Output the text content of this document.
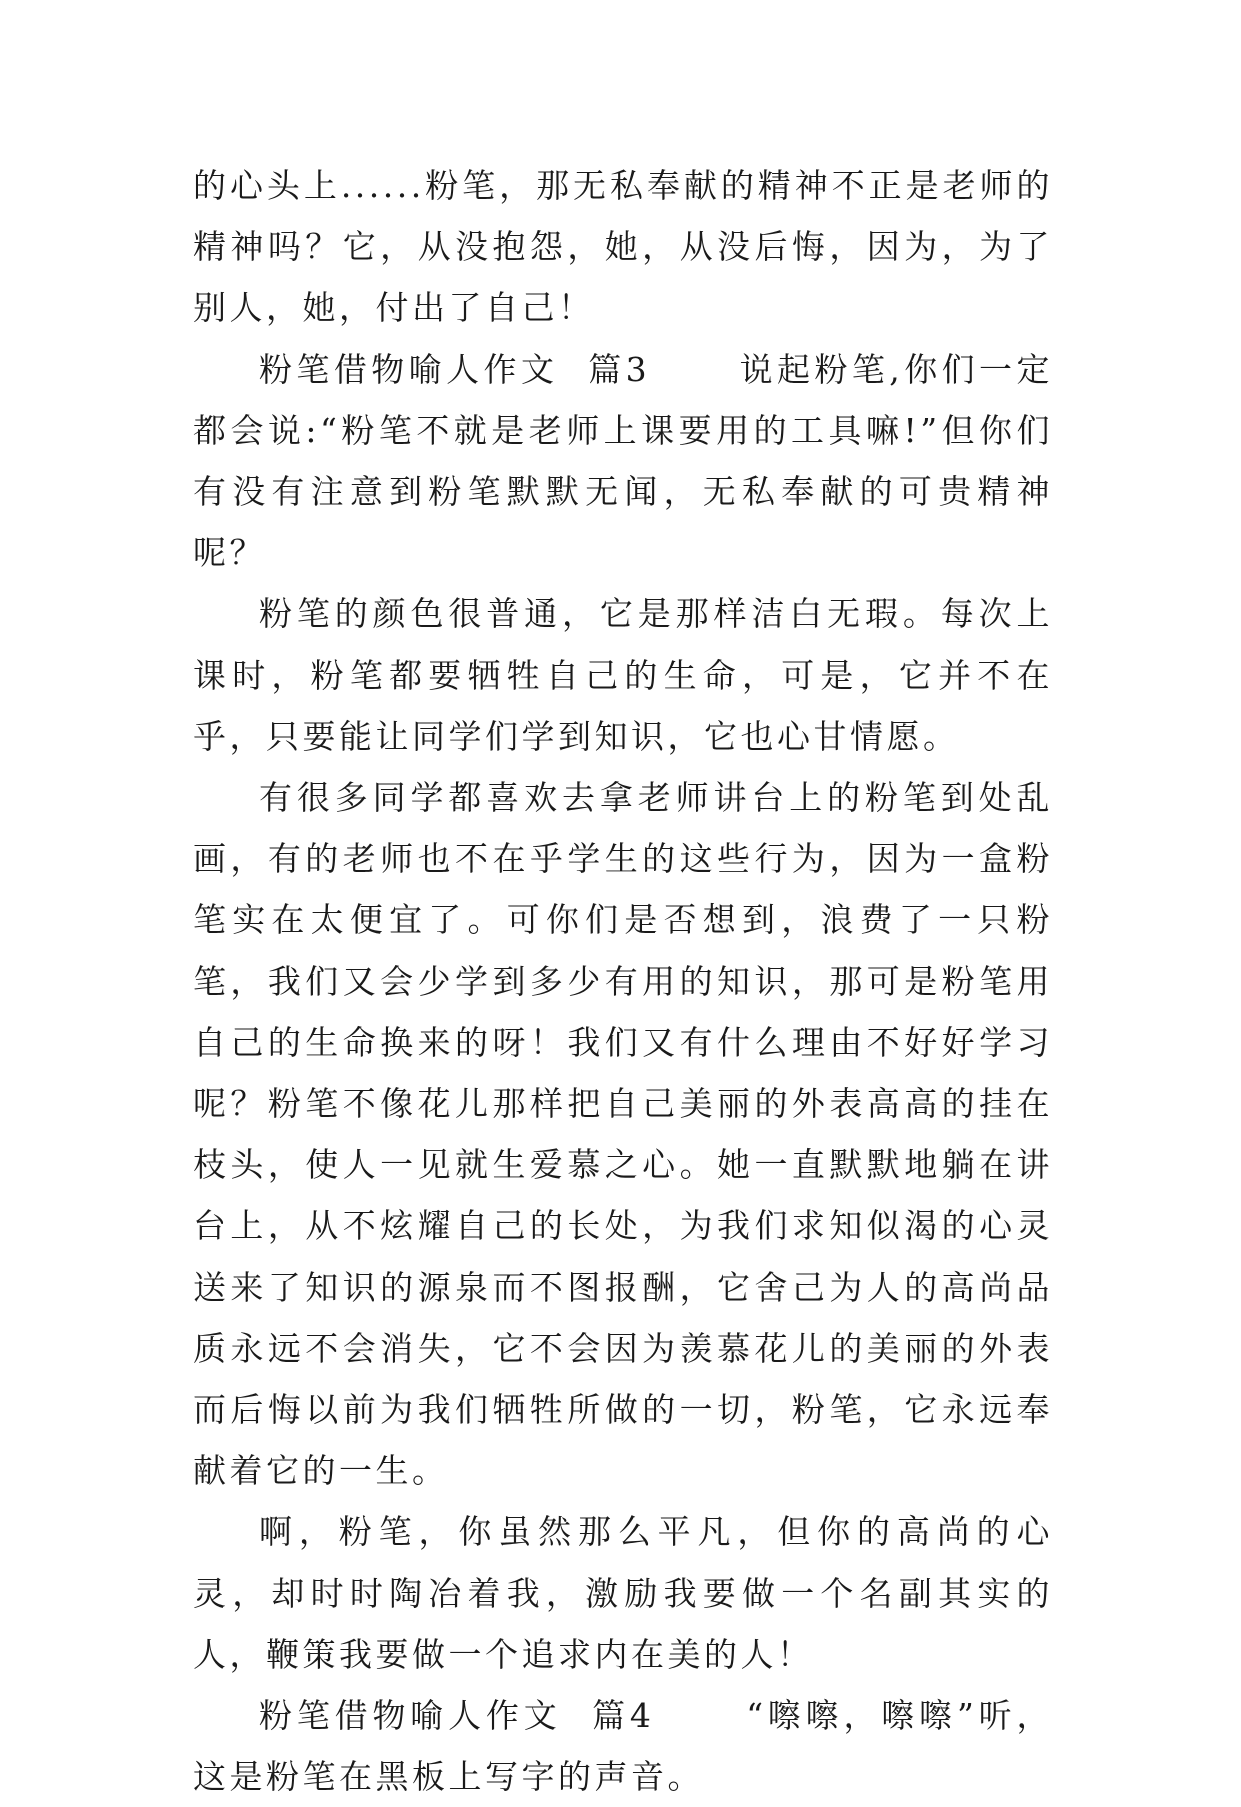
的心头上......粉笔，那无私奉献的精神不正是老师的精神吗？它，从没抱怨，她，从没后悔，因为，为了别人，她，付出了自己！

粉笔借物喻人作文  篇3	说起粉笔,你们一定都会说:“粉笔不就是老师上课要用的工具嘛!”但你们有没有注意到粉笔默默无闻，无私奉献的可贵精神呢？

粉笔的颜色很普通，它是那样洁白无瑕。每次上课时，粉笔都要牺牲自己的生命，可是，它并不在乎，只要能让同学们学到知识，它也心甘情愿。

有很多同学都喜欢去拿老师讲台上的粉笔到处乱画，有的老师也不在乎学生的这些行为，因为一盒粉笔实在太便宜了。可你们是否想到，浪费了一只粉笔，我们又会少学到多少有用的知识，那可是粉笔用自己的生命换来的呀！我们又有什么理由不好好学习呢？粉笔不像花儿那样把自己美丽的外表高高的挂在枝头，使人一见就生爱慕之心。她一直默默地躺在讲台上，从不炫耀自己的长处，为我们求知似渴的心灵送来了知识的源泉而不图报酬，它舍己为人的高尚品质永远不会消失，它不会因为羡慕花儿的美丽的外表而后悔以前为我们牺牲所做的一切，粉笔，它永远奉献着它的一生。

啊，粉笔，你虽然那么平凡，但你的高尚的心灵，却时时陶冶着我，激励我要做一个名副其实的人，鞭策我要做一个追求内在美的人！

粉笔借物喻人作文  篇4	“嚓嚓，嚓嚓”听，这是粉笔在黑板上写字的声音。
